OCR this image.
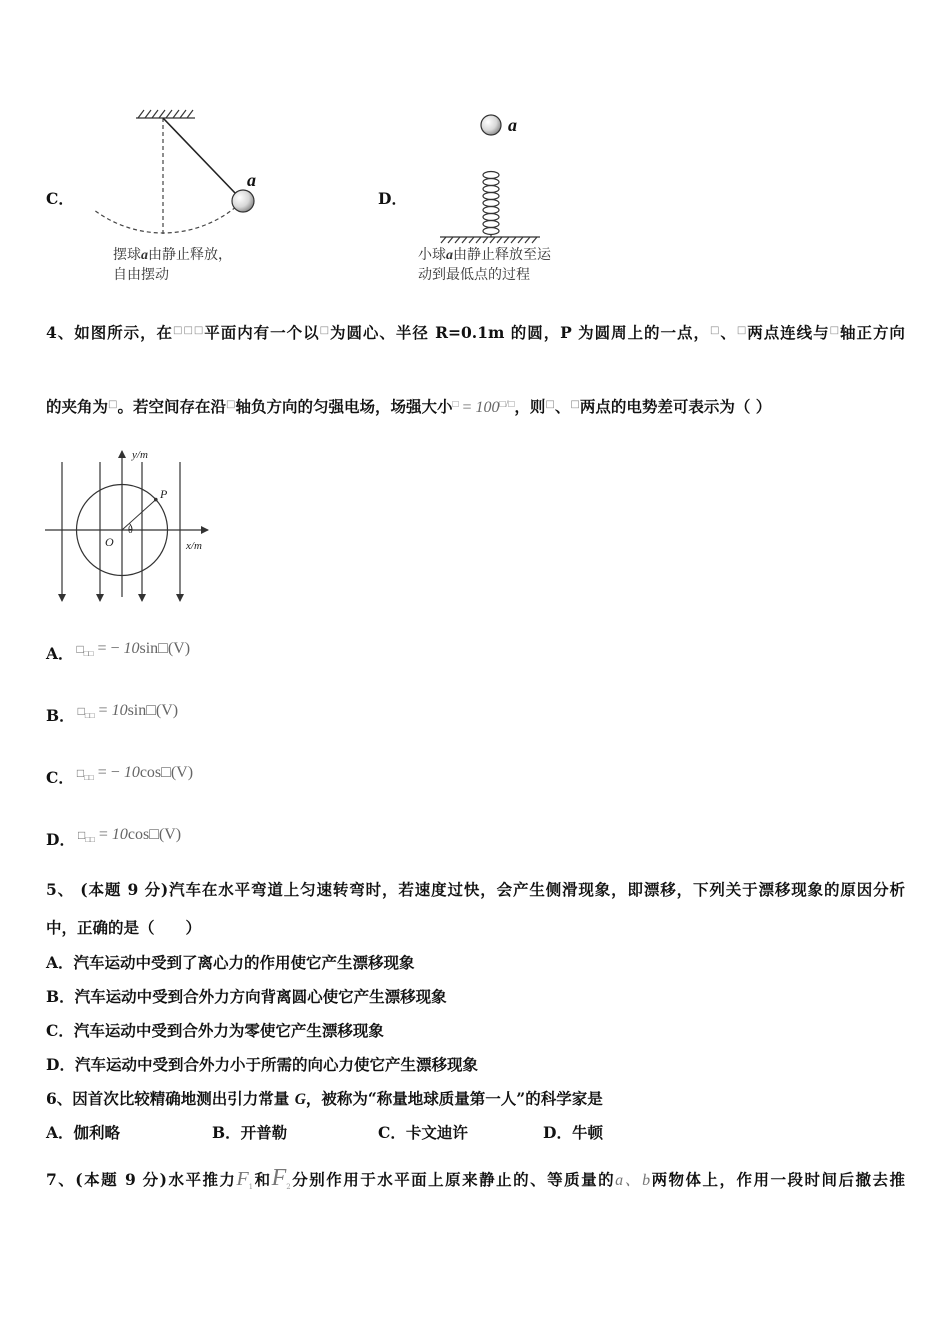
C．
a
摆球a由静止释放，
自由摆动
D．
a
小球a由静止释放至运
动到最低点的过程
4、如图所示，在□□□平面内有一个以□为圆心、半径 R=0.1m 的圆，P 为圆周上的一点，□、□两点连线与□轴正方向
的夹角为□。若空间存在沿□轴负方向的匀强电场，场强大小□ = 100□/□，则□、□两点的电势差可表示为（ ）
P
θ
O
y/m
x/m
A． □□□ = − 10sin□(V)
B． □□□ = 10sin□(V)
C． □□□ = − 10cos□(V)
D． □□□ = 10cos□(V)
5、 (本题 9 分)汽车在水平弯道上匀速转弯时，若速度过快，会产生侧滑现象，即漂移，下列关于漂移现象的原因分析
中，正确的是（　　）
A．汽车运动中受到了离心力的作用使它产生漂移现象
B．汽车运动中受到合外力方向背离圆心使它产生漂移现象
C．汽车运动中受到合外力为零使它产生漂移现象
D．汽车运动中受到合外力小于所需的向心力使它产生漂移现象
6、因首次比较精确地测出引力常量 G，被称为“称量地球质量第一人”的科学家是
A．伽利略	B．开普勒	C．卡文迪许	D．牛顿
7、(本题 9 分)水平推力$F_1$和$F_2$分别作用于水平面上原来静止的、等质量的a、b两物体上，作用一段时间后撤去推
